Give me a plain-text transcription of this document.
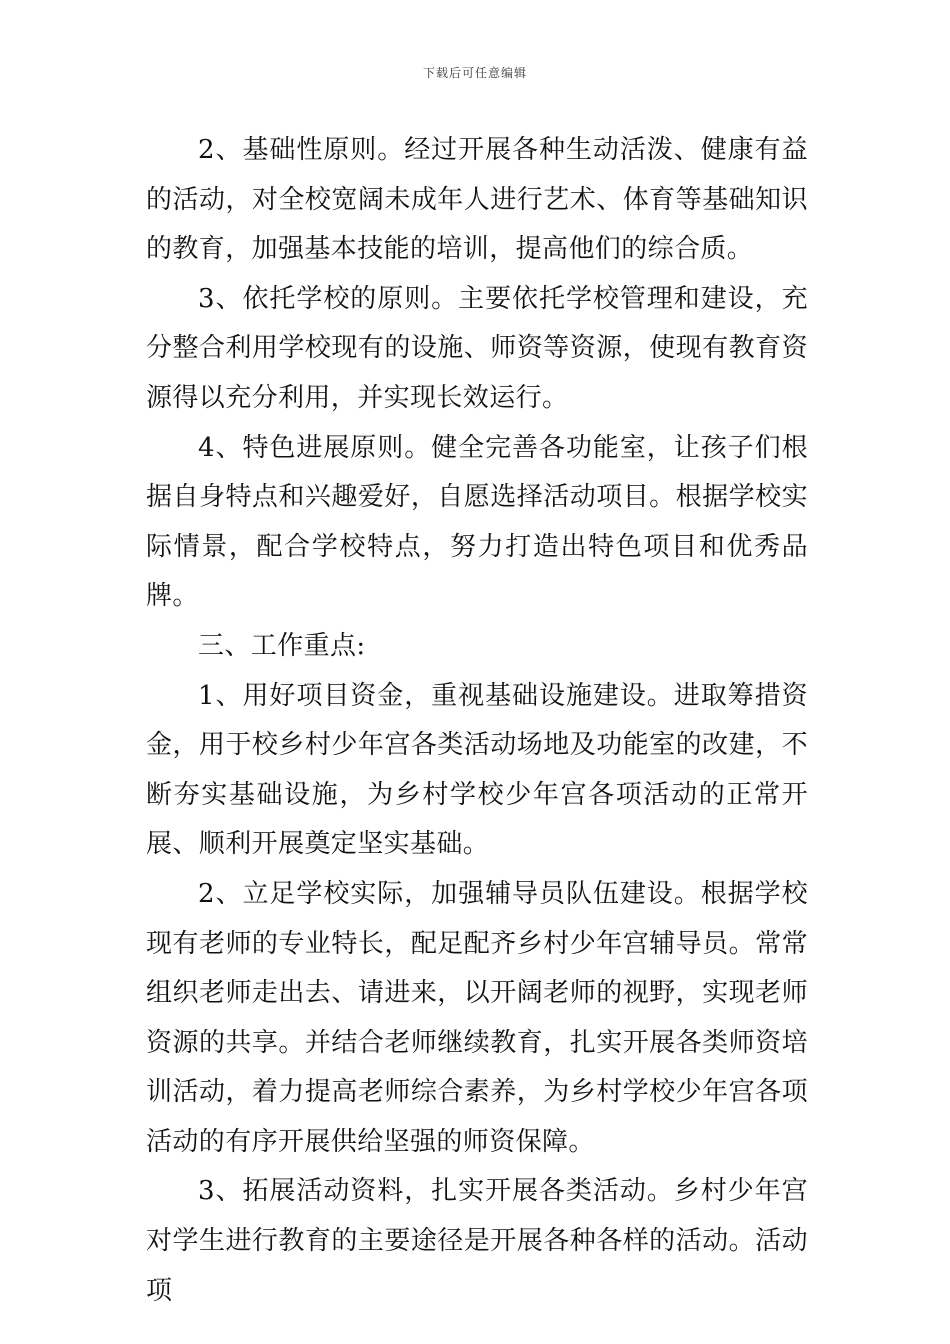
下载后可任意编辑

2、基础性原则。经过开展各种生动活泼、健康有益的活动，对全校宽阔未成年人进行艺术、体育等基础知识的教育，加强基本技能的培训，提高他们的综合质。

3、依托学校的原则。主要依托学校管理和建设，充分整合利用学校现有的设施、师资等资源，使现有教育资源得以充分利用，并实现长效运行。

4、特色进展原则。健全完善各功能室，让孩子们根据自身特点和兴趣爱好，自愿选择活动项目。根据学校实际情景，配合学校特点，努力打造出特色项目和优秀品牌。

三、工作重点:

1、用好项目资金，重视基础设施建设。进取筹措资金，用于校乡村少年宫各类活动场地及功能室的改建，不断夯实基础设施，为乡村学校少年宫各项活动的正常开展、顺利开展奠定坚实基础。

2、立足学校实际，加强辅导员队伍建设。根据学校现有老师的专业特长，配足配齐乡村少年宫辅导员。常常组织老师走出去、请进来，以开阔老师的视野，实现老师资源的共享。并结合老师继续教育，扎实开展各类师资培训活动，着力提高老师综合素养，为乡村学校少年宫各项活动的有序开展供给坚强的师资保障。

3、拓展活动资料，扎实开展各类活动。乡村少年宫对学生进行教育的主要途径是开展各种各样的活动。活动项
